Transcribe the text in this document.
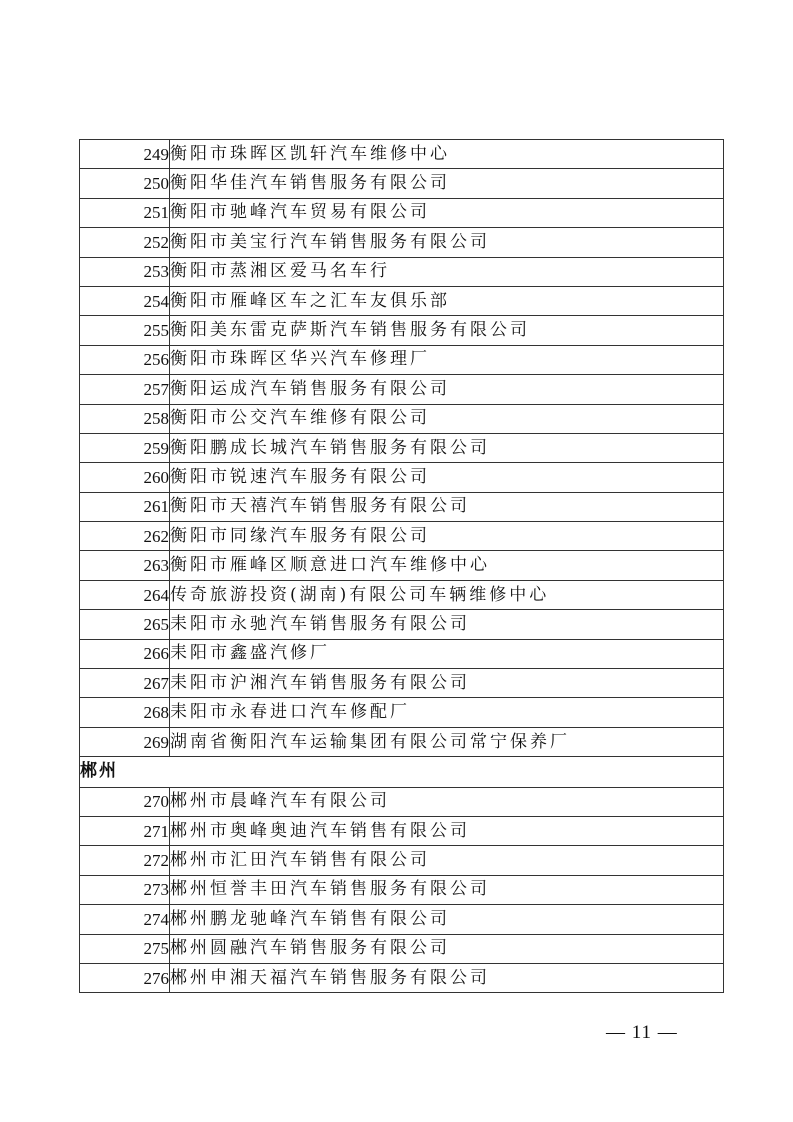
249	衡阳市珠晖区凯轩汽车维修中心
250	衡阳华佳汽车销售服务有限公司
251	衡阳市驰峰汽车贸易有限公司
252	衡阳市美宝行汽车销售服务有限公司
253	衡阳市蒸湘区爱马名车行
254	衡阳市雁峰区车之汇车友俱乐部
255	衡阳美东雷克萨斯汽车销售服务有限公司
256	衡阳市珠晖区华兴汽车修理厂
257	衡阳运成汽车销售服务有限公司
258	衡阳市公交汽车维修有限公司
259	衡阳鹏成长城汽车销售服务有限公司
260	衡阳市锐速汽车服务有限公司
261	衡阳市天禧汽车销售服务有限公司
262	衡阳市同缘汽车服务有限公司
263	衡阳市雁峰区顺意进口汽车维修中心
264	传奇旅游投资(湖南)有限公司车辆维修中心
265	耒阳市永驰汽车销售服务有限公司
266	耒阳市鑫盛汽修厂
267	耒阳市沪湘汽车销售服务有限公司
268	耒阳市永春进口汽车修配厂
269	湖南省衡阳汽车运输集团有限公司常宁保养厂
郴州	
270	郴州市晨峰汽车有限公司
271	郴州市奥峰奥迪汽车销售有限公司
272	郴州市汇田汽车销售有限公司
273	郴州恒誉丰田汽车销售服务有限公司
274	郴州鹏龙驰峰汽车销售有限公司
275	郴州圆融汽车销售服务有限公司
276	郴州申湘天福汽车销售服务有限公司
— 11 —
